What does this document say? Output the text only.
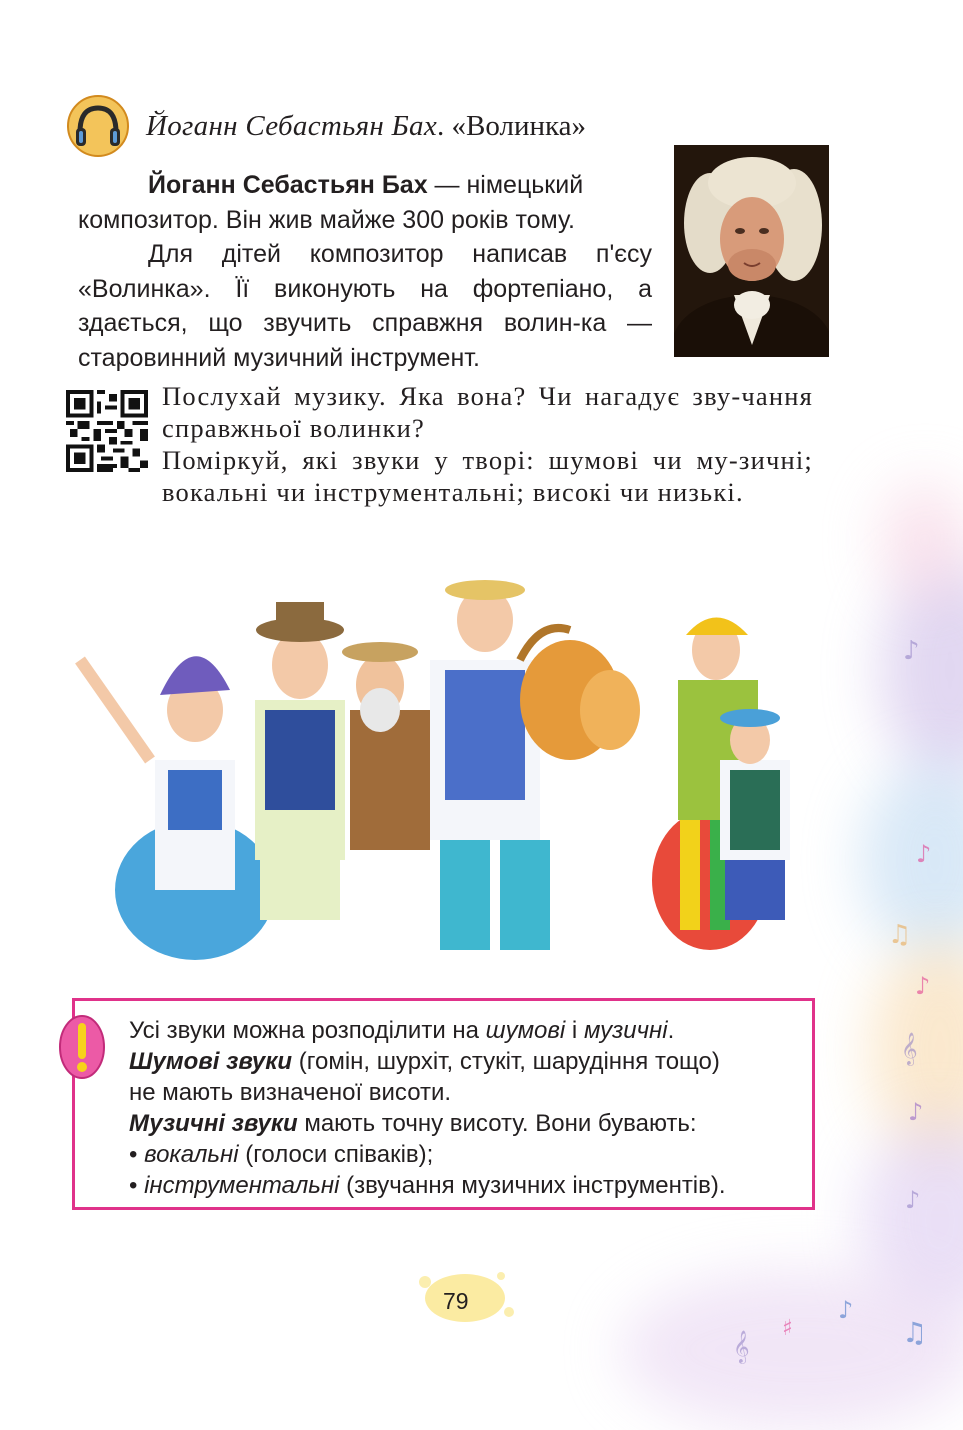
♪
♪
♫
♪
𝄞
♪
♪
♫
𝄞
♯
♪
Йоганн Себастьян Бах. «Волинка»

Йоганн Себастьян Бах — німецький

композитор. Він жив майже 300 років тому.

Для дітей композитор написав п'єсу «Волинка». Її виконують на фортепіано, а здається, що звучить справжня волин-ка — старовинний музичний інструмент.

Послухай музику. Яка вона? Чи нагадує зву-чання справжньої волинки?

Поміркуй, які звуки у творі: шумові чи му-зичні; вокальні чи інструментальні; високі чи низькі.

Усі звуки можна розподілити на шумові і музичні.

Шумові звуки (гомін, шурхіт, стукіт, шарудіння тощо)

не мають визначеної висоти.

Музичні звуки мають точну висоту. Вони бувають:

• вокальні (голоси співаків);

• інструментальні (звучання музичних інструментів).

79
